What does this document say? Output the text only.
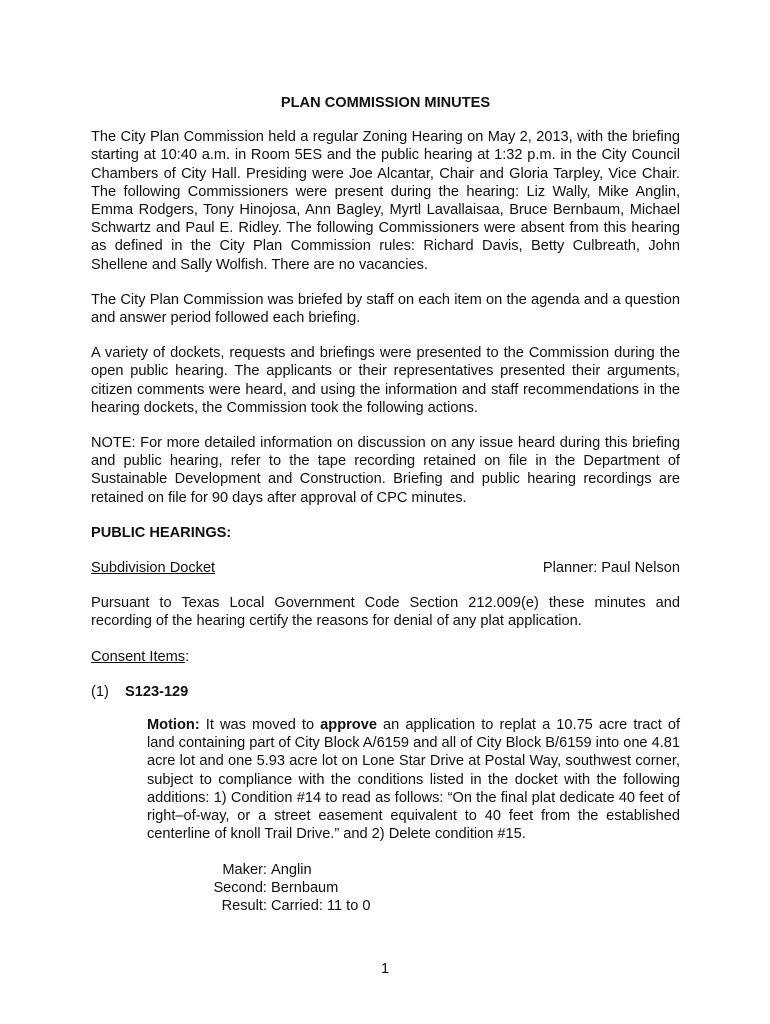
PLAN COMMISSION MINUTES

The City Plan Commission held a regular Zoning Hearing on May 2, 2013, with the briefing starting at 10:40 a.m. in Room 5ES and the public hearing at 1:32 p.m. in the City Council Chambers of City Hall. Presiding were Joe Alcantar, Chair and Gloria Tarpley, Vice Chair. The following Commissioners were present during the hearing: Liz Wally, Mike Anglin, Emma Rodgers, Tony Hinojosa, Ann Bagley, Myrtl Lavallaisaa, Bruce Bernbaum, Michael Schwartz and Paul E. Ridley. The following Commissioners were absent from this hearing as defined in the City Plan Commission rules: Richard Davis, Betty Culbreath, John Shellene and Sally Wolfish. There are no vacancies.

The City Plan Commission was briefed by staff on each item on the agenda and a question and answer period followed each briefing.

A variety of dockets, requests and briefings were presented to the Commission during the open public hearing. The applicants or their representatives presented their arguments, citizen comments were heard, and using the information and staff recommendations in the hearing dockets, the Commission took the following actions.

NOTE: For more detailed information on discussion on any issue heard during this briefing and public hearing, refer to the tape recording retained on file in the Department of Sustainable Development and Construction. Briefing and public hearing recordings are retained on file for 90 days after approval of CPC minutes.

PUBLIC HEARINGS:
Subdivision Docket	Planner: Paul Nelson

Pursuant to Texas Local Government Code Section 212.009(e) these minutes and recording of the hearing certify the reasons for denial of any plat application.

Consent Items:
(1)	S123-129

Motion: It was moved to approve an application to replat a 10.75 acre tract of land containing part of City Block A/6159 and all of City Block B/6159 into one 4.81 acre lot and one 5.93 acre lot on Lone Star Drive at Postal Way, southwest corner, subject to compliance with the conditions listed in the docket with the following additions: 1) Condition #14 to read as follows: “On the final plat dedicate 40 feet of right–of-way, or a street easement equivalent to 40 feet from the established centerline of knoll Trail Drive.” and 2) Delete condition #15.

Maker: Anglin
Second: Bernbaum
Result: Carried: 11 to 0
1
